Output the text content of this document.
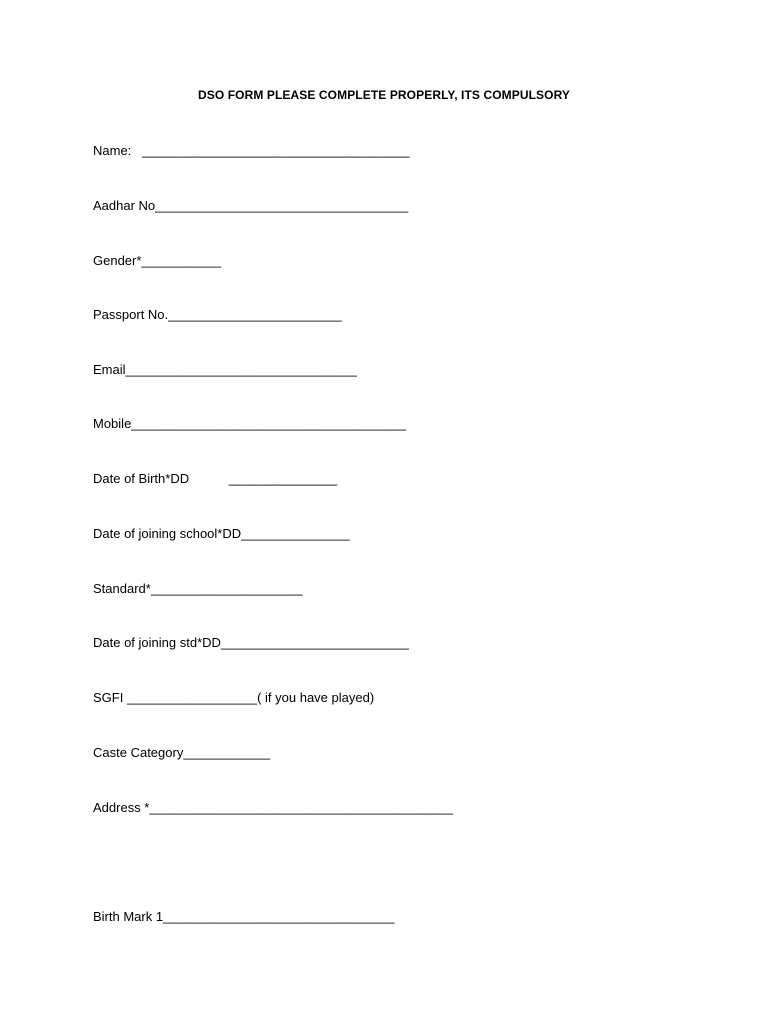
DSO FORM PLEASE COMPLETE PROPERLY, ITS COMPULSORY
Name:   _____________________________________
Aadhar No___________________________________
Gender*___________
Passport No.________________________
Email________________________________
Mobile______________________________________
Date of Birth*DD           _______________
Date of joining school*DD_______________
Standard*_____________________
Date of joining std*DD__________________________
SGFI __________________( if you have played)
Caste Category____________
Address *__________________________________________
Birth Mark 1________________________________
